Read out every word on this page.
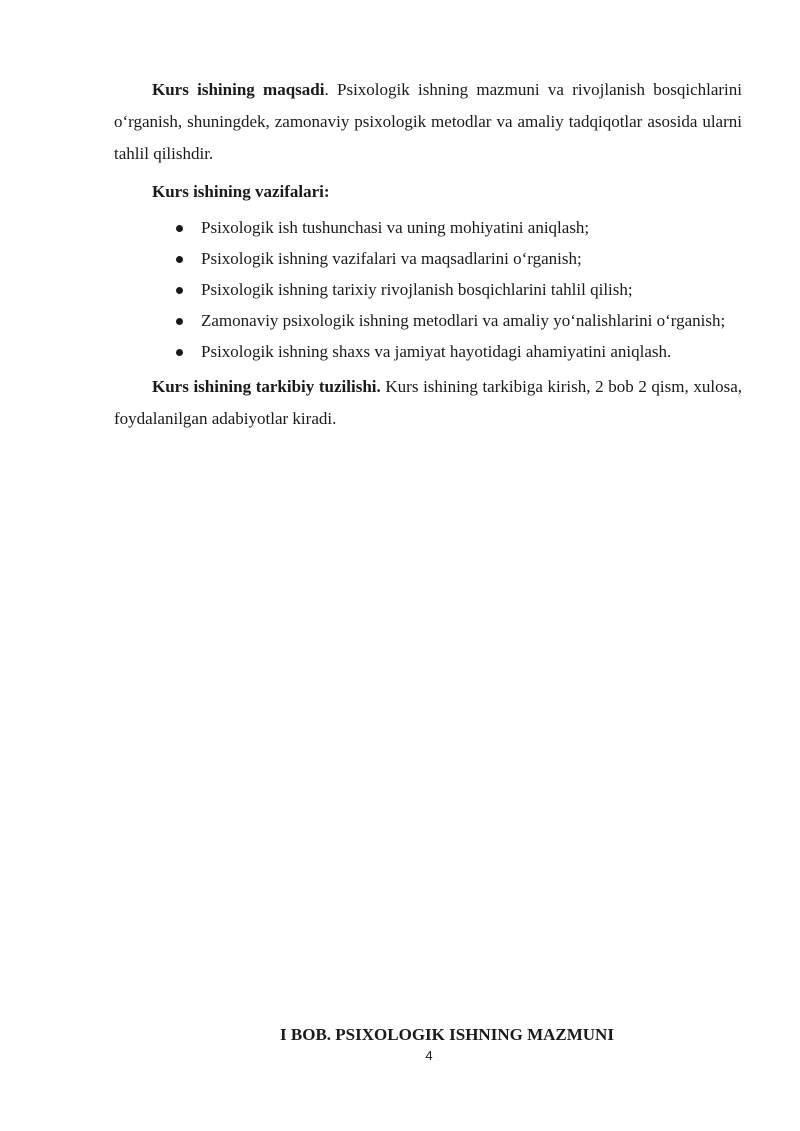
Kurs ishining maqsadi. Psixologik ishning mazmuni va rivojlanish bosqichlarini o‘rganish, shuningdek, zamonaviy psixologik metodlar va amaliy tadqiqotlar asosida ularni tahlil qilishdir.

Kurs ishining vazifalari:

Psixologik ish tushunchasi va uning mohiyatini aniqlash;
Psixologik ishning vazifalari va maqsadlarini o‘rganish;
Psixologik ishning tarixiy rivojlanish bosqichlarini tahlil qilish;
Zamonaviy psixologik ishning metodlari va amaliy yo‘nalishlarini o‘rganish;
Psixologik ishning shaxs va jamiyat hayotidagi ahamiyatini aniqlash.

Kurs ishining tarkibiy tuzilishi. Kurs ishining tarkibiga kirish, 2 bob 2 qism, xulosa, foydalanilgan adabiyotlar kiradi.

I BOB. PSIXOLOGIK ISHNING MAZMUNI
4
